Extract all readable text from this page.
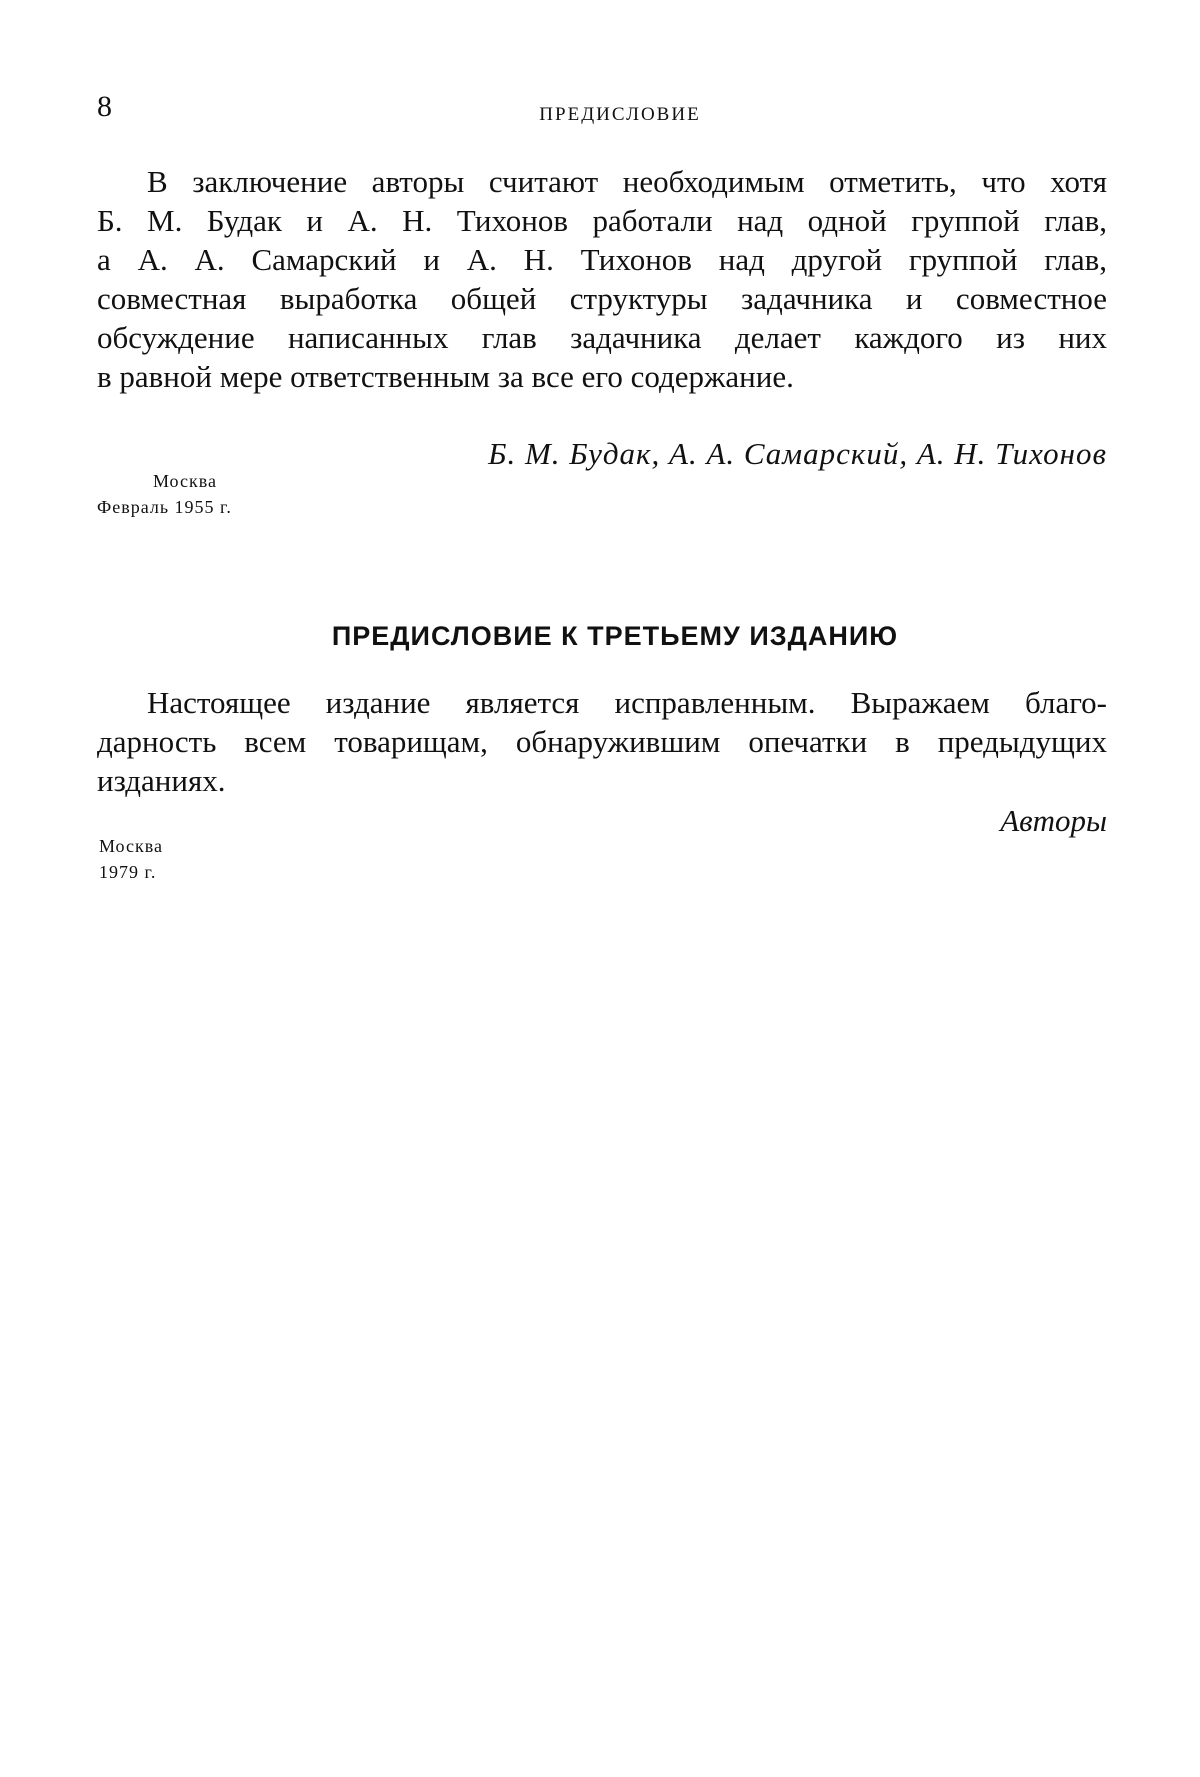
8	ПРЕДИСЛОВИЕ

В заключение авторы считают необходимым отметить, что хотя
Б. М. Будак и А. Н. Тихонов работали над одной группой глав,
а А. А. Самарский и А. Н. Тихонов над другой группой глав,
совместная выработка общей структуры задачника и совместное
обсуждение написанных глав задачника делает каждого из них
в равной мере ответственным за все его содержание.

Б. М. Будак, А. А. Самарский, А. Н. Тихонов
Москва
Февраль 1955 г.
ПРЕДИСЛОВИЕ К ТРЕТЬЕМУ ИЗДАНИЮ

Настоящее издание является исправленным. Выражаем благо-
дарность всем товарищам, обнаружившим опечатки в предыдущих
изданиях.

Авторы
Москва
1979 г.
